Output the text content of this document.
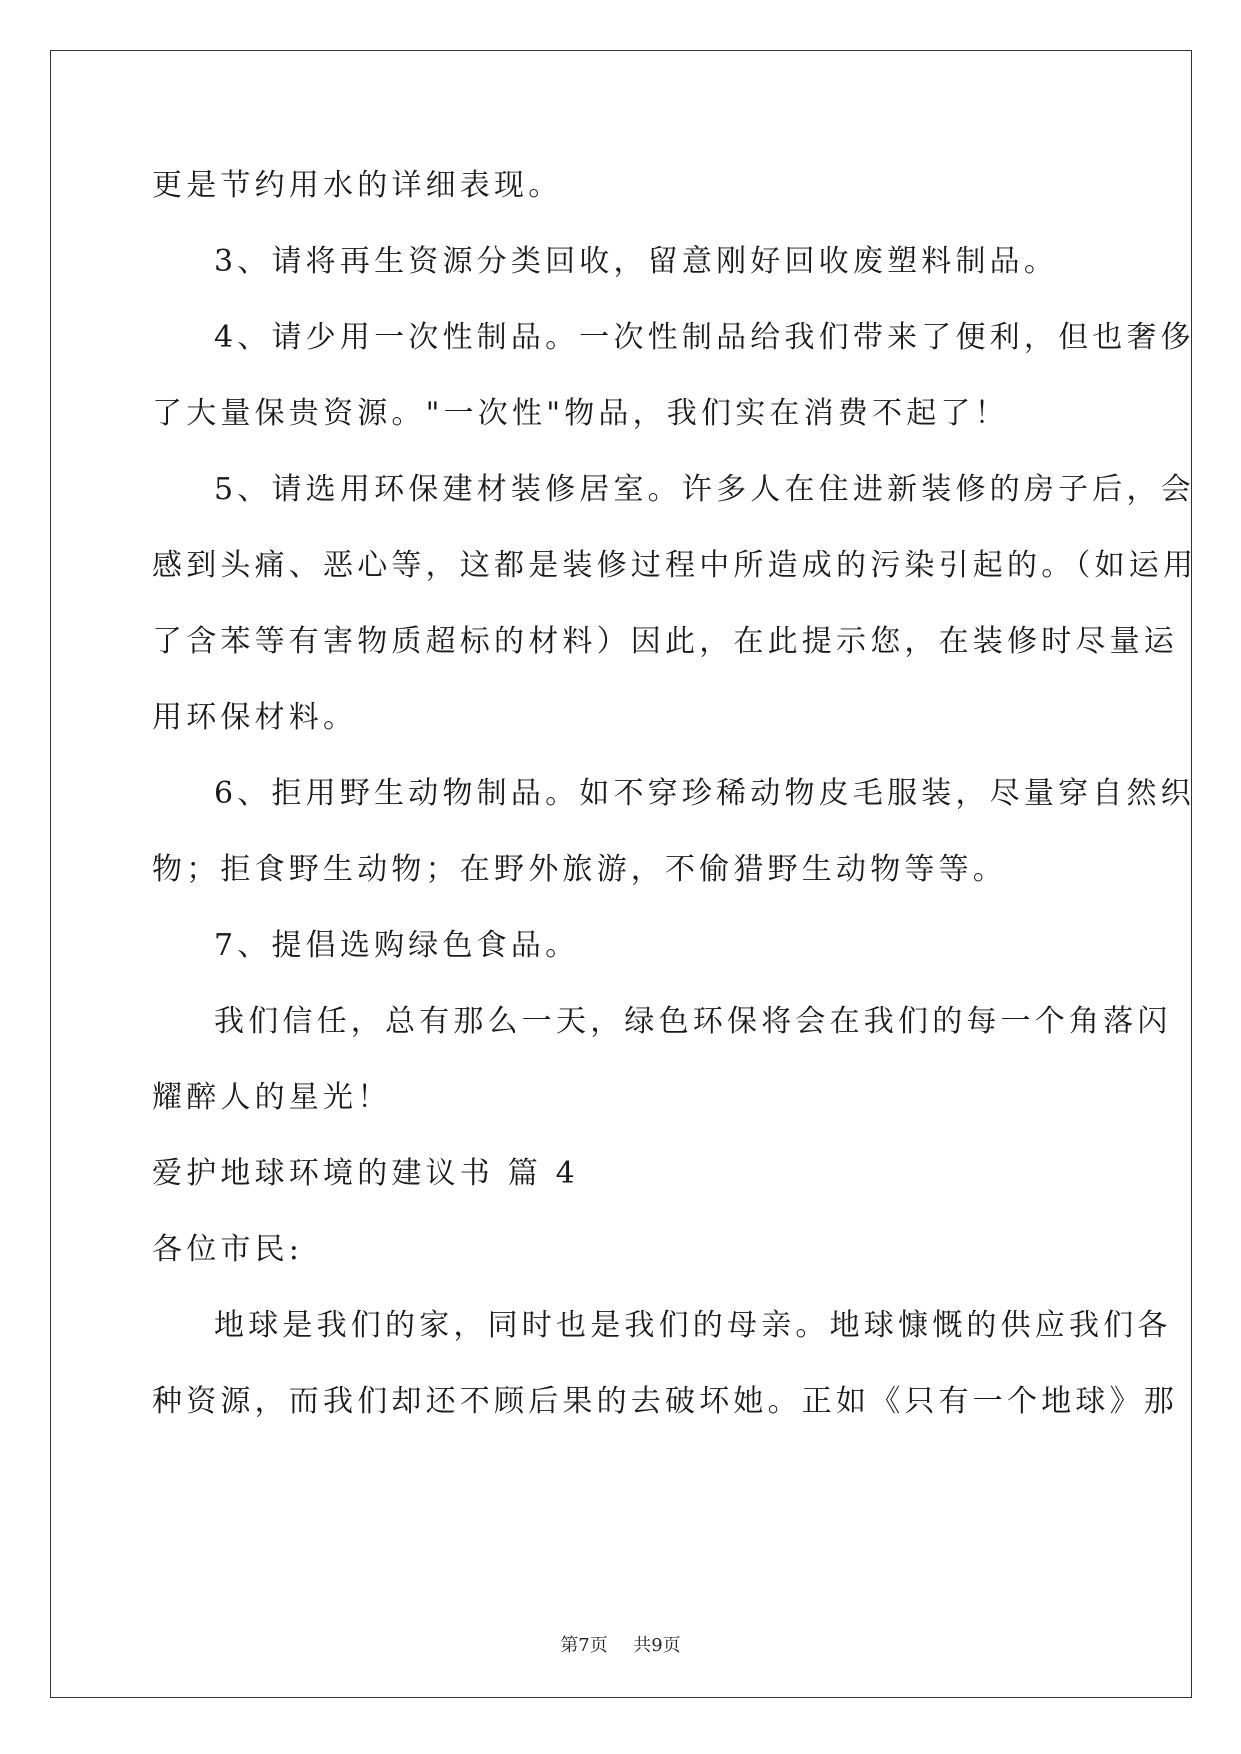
更是节约用水的详细表现。
3、请将再生资源分类回收，留意刚好回收废塑料制品。
4、请少用一次性制品。一次性制品给我们带来了便利，但也奢侈
了大量保贵资源。"一次性"物品，我们实在消费不起了！
5、请选用环保建材装修居室。许多人在住进新装修的房子后，会
感到头痛、恶心等，这都是装修过程中所造成的污染引起的。（如运用
了含苯等有害物质超标的材料）因此，在此提示您，在装修时尽量运
用环保材料。
6、拒用野生动物制品。如不穿珍稀动物皮毛服装，尽量穿自然织
物；拒食野生动物；在野外旅游，不偷猎野生动物等等。
7、提倡选购绿色食品。
我们信任，总有那么一天，绿色环保将会在我们的每一个角落闪
耀醉人的星光！
爱护地球环境的建议书 篇 4
各位市民:
地球是我们的家，同时也是我们的母亲。地球慷慨的供应我们各
种资源，而我们却还不顾后果的去破坏她。正如《只有一个地球》那
第7页 共9页
